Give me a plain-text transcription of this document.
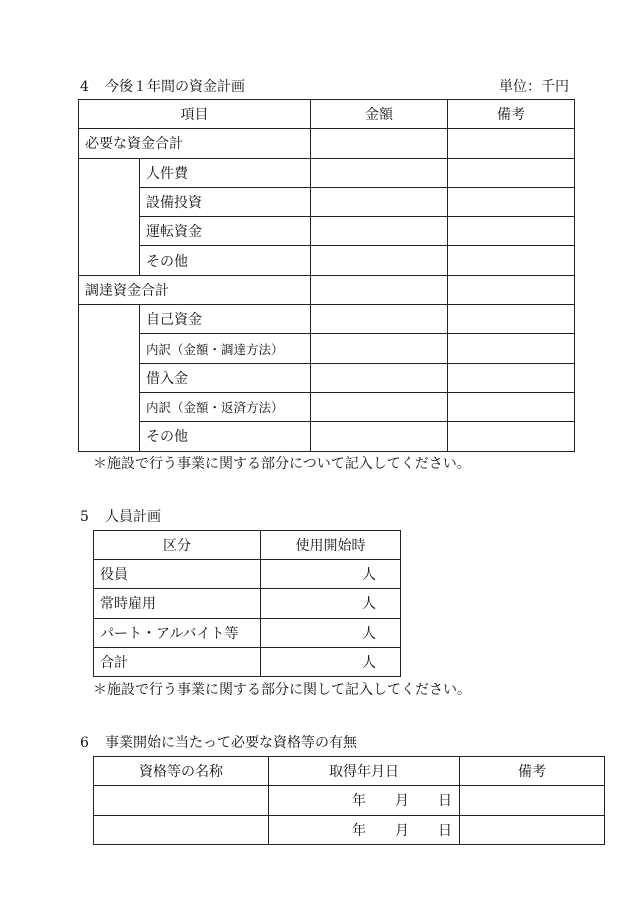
4 今後１年間の資金計画	単位：千円
項目		金額	備考
必要な資金合計			
	人件費		
	設備投資		
	運転資金		
	その他		
調達資金合計			
	自己資金		
	内訳（金額・調達方法）		
	借入金		
	内訳（金額・返済方法）		
	その他		
＊施設で行う事業に関する部分について記入してください。
5 人員計画
区分	使用開始時
役員	人
常時雇用	人
パート・アルバイト等	人
合計	人
＊施設で行う事業に関する部分に関して記入してください。
6 事業開始に当たって必要な資格等の有無
資格等の名称	取得年月日	備考

	年 月 日	

	年 月 日	
